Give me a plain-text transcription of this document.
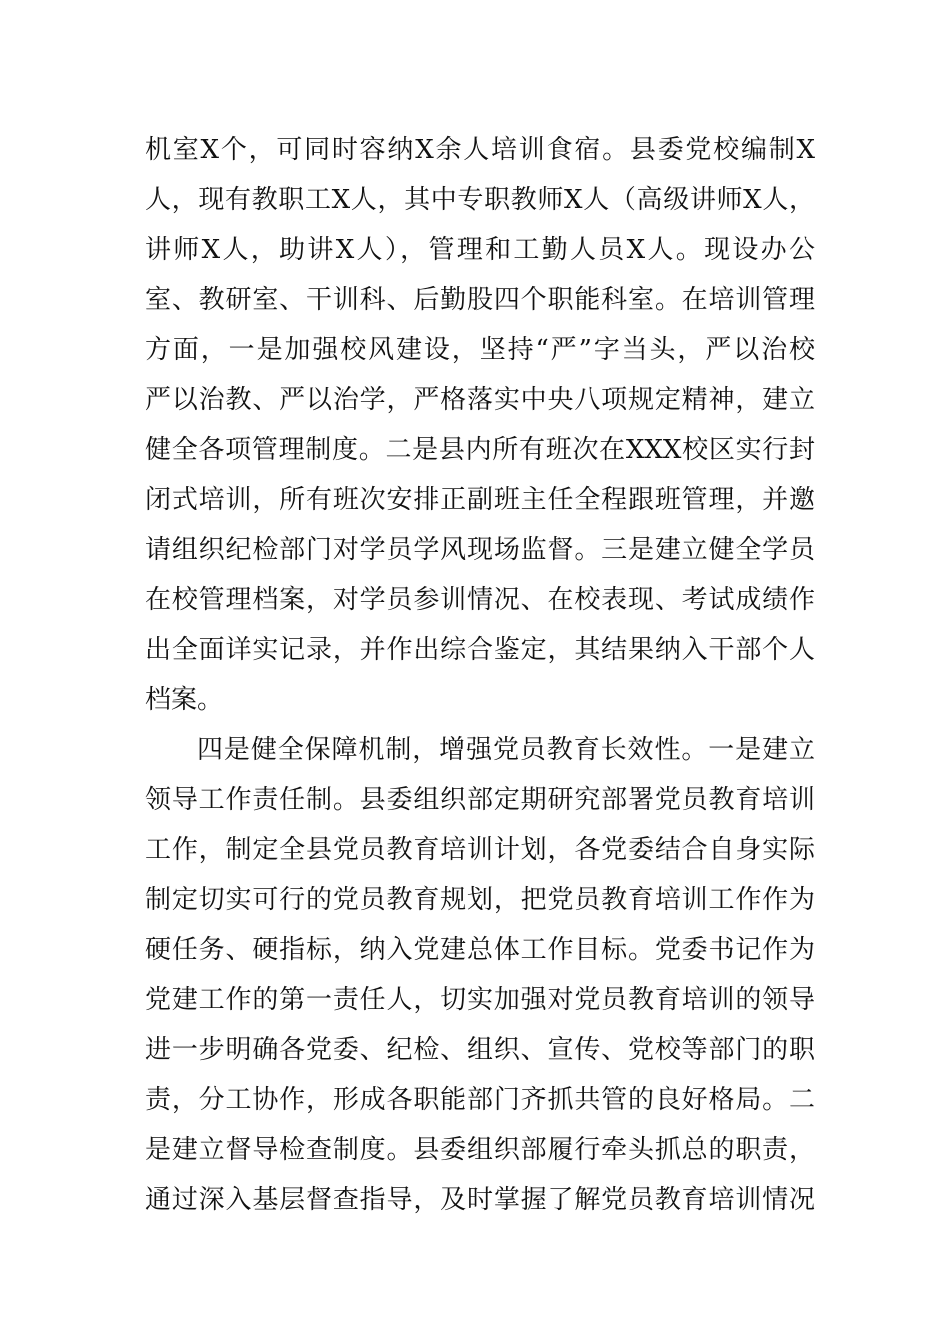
机室X个，可同时容纳X余人培训食宿。县委党校编制X
人，现有教职工X人，其中专职教师X人（高级讲师X人，
讲师X人，助讲X人），管理和工勤人员X人。现设办公
室、教研室、干训科、后勤股四个职能科室。在培训管理
方面，一是加强校风建设，坚持“严”字当头，严以治校
严以治教、严以治学，严格落实中央八项规定精神，建立
健全各项管理制度。二是县内所有班次在XXX校区实行封
闭式培训，所有班次安排正副班主任全程跟班管理，并邀
请组织纪检部门对学员学风现场监督。三是建立健全学员
在校管理档案，对学员参训情况、在校表现、考试成绩作
出全面详实记录，并作出综合鉴定，其结果纳入干部个人
档案。
四是健全保障机制，增强党员教育长效性。一是建立
领导工作责任制。县委组织部定期研究部署党员教育培训
工作，制定全县党员教育培训计划，各党委结合自身实际
制定切实可行的党员教育规划，把党员教育培训工作作为
硬任务、硬指标，纳入党建总体工作目标。党委书记作为
党建工作的第一责任人，切实加强对党员教育培训的领导
进一步明确各党委、纪检、组织、宣传、党校等部门的职
责，分工协作，形成各职能部门齐抓共管的良好格局。二
是建立督导检查制度。县委组织部履行牵头抓总的职责，
通过深入基层督查指导，及时掌握了解党员教育培训情况
